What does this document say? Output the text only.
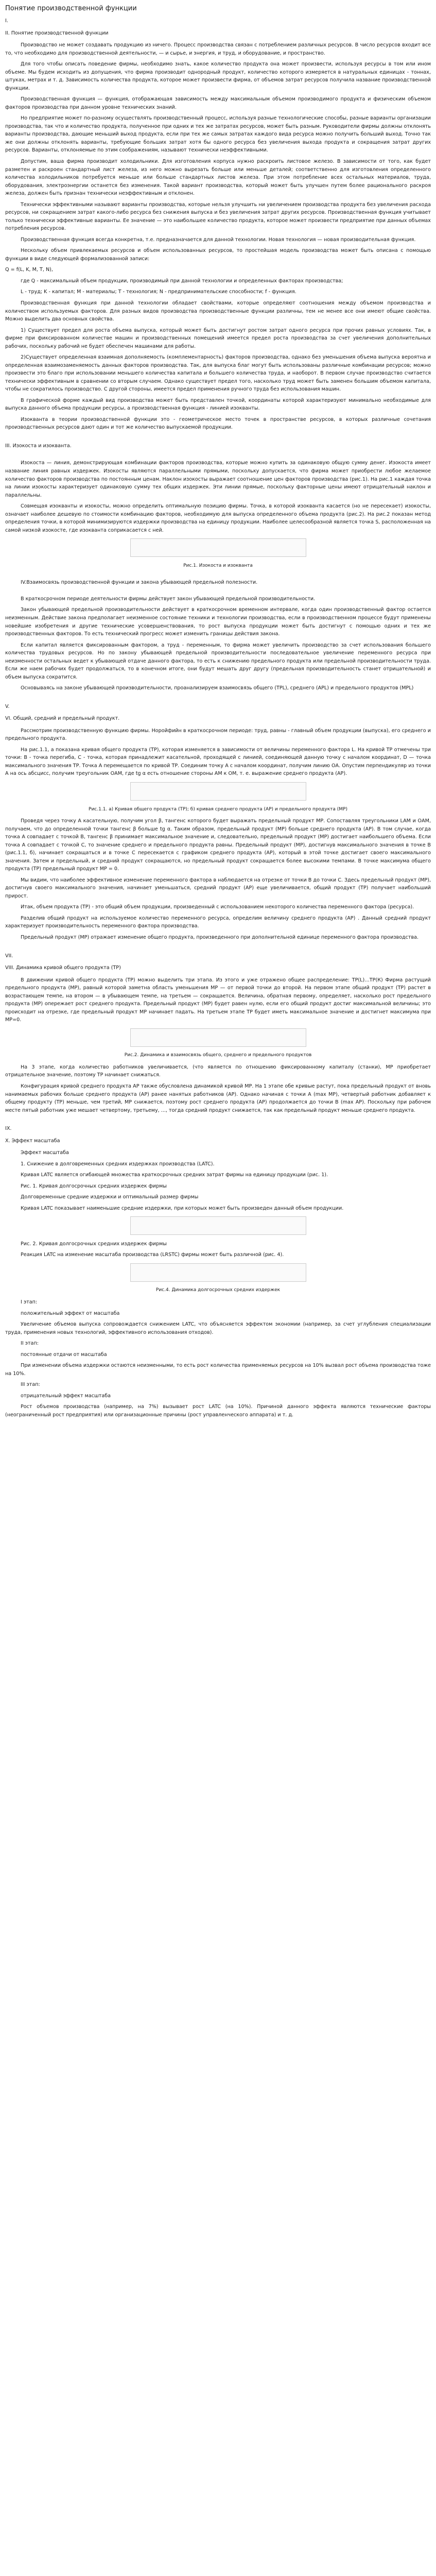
Понятие производственной функции
I.
II. Понятие производственной функции

Производство не может создавать продукцию из ничего. Процесс производства связан с потреблением различных ресурсов. В число ресурсов входит все то, что необходимо для производственной деятельности, — и сырье, и энергия, и труд, и оборудование, и пространство.

Для того чтобы описать поведение фирмы, необходимо знать, какое количество продукта она может произвести, используя ресурсы в том или ином объеме. Мы будем исходить из допущения, что фирма производит однородный продукт, количество которого измеряется в натуральных единицах - тоннах, штуках, метрах и т. д. Зависимость количества продукта, которое может произвести фирма, от объемов затрат ресурсов получила название производственной функции.

Производственная функция — функция, отображающая зависимость между максимальным объемом производимого продукта и физическим объемом факторов производства при данном уровне технических знаний.

Но предприятие может по-разному осуществлять производственный процесс, используя разные технологические способы, разные варианты организации производства, так что и количество продукта, полученное при одних и тех же затратах ресурсов, может быть разным. Руководители фирмы должны отклонять варианты производства, дающие меньший выход продукта, если при тех же самых затратах каждого вида ресурса можно получить больший выход. Точно так же они должны отклонять варианты, требующие больших затрат хотя бы одного ресурса без увеличения выхода продукта и сокращения затрат других ресурсов. Варианты, отклоняемые по этим соображениям, называют технически неэффективными.

Допустим, ваша фирма производит холодильники. Для изготовления корпуса нужно раскроить листовое железо. В зависимости от того, как будет разметен и раскроен стандартный лист железа, из него можно вырезать больше или меньше деталей; соответственно для изготовления определенного количества холодильников потребуется меньше или больше стандартных листов железа. При этом потребление всех остальных материалов, труда, оборудования, электроэнергии останется без изменения. Такой вариант производства, который может быть улучшен путем более рационального раскроя железа, должен быть признан технически неэффективным и отклонен.

Технически эффективными называют варианты производства, которые нельзя улучшить ни увеличением производства продукта без увеличения расхода ресурсов, ни сокращением затрат какого-либо ресурса без снижения выпуска и без увеличения затрат других ресурсов. Производственная функция учитывает только технически эффективные варианты. Ее значение — это наибольшее количество продукта, которое может произвести предприятие при данных объемах потребления ресурсов.

Производственная функция всегда конкретна, т.е. предназначается для данной технологии. Новая технология — новая производительная функция.

Нескольку объем привлекаемых ресурсов и объем использованных ресурсов, то простейшая модель производства может быть описана с помощью функции в виде следующей формализованной записи:

Q = f(L, K, M, T, N),

где Q - максимальный объем продукции, производимый при данной технологии и определенных факторах производства;

L - труд; K - капитал; M - материалы; T - технология; N - предпринимательские способности; f - функция.

Производственная функция при данной технологии обладает свойствами, которые определяют соотношения между объемом производства и количеством используемых факторов. Для разных видов производства производственные функции различны, тем не менее все они имеют общие свойства. Можно выделить два основных свойства.

1) Существует предел для роста объема выпуска, который может быть достигнут ростом затрат одного ресурса при прочих равных условиях. Так, в фирме при фиксированном количестве машин и производственных помещений имеется предел роста производства за счет увеличения дополнительных рабочих, поскольку рабочий не будет обеспечен машинами для работы.

2)Существует определенная взаимная дополняемость (комплементарность) факторов производства, однако без уменьшения объема выпуска вероятна и определенная взаимозаменяемость данных факторов производства. Так, для выпуска благ могут быть использованы различные комбинации ресурсов; можно произвести это благо при использовании меньшего количества капитала и большего количества труда, и наоборот. В первом случае производство считается технически эффективным в сравнении со вторым случаем. Однако существует предел того, насколько труд может быть заменен большим объемом капитала, чтобы не сократилось производство. С другой стороны, имеется предел применения ручного труда без использования машин.

В графической форме каждый вид производства может быть представлен точкой, координаты которой характеризуют минимально необходимые для выпуска данного объема продукции ресурсы, а производственная функция - линией изокванты.

Изокванта в теории производственной функции это - геометрическое место точек в пространстве ресурсов, в которых различные сочетания производственных ресурсов дают один и тот же количество выпускаемой продукции.

III. Изокоста и изокванта.

Изокоста — линия, демонстрирующая комбинации факторов производства, которые можно купить за одинаковую общую сумму денег. Изокоста имеет название линия равных издержек. Изокосты являются параллельными прямыми, поскольку допускается, что фирма может приобрести любое желаемое количество факторов производства по постоянным ценам. Наклон изокосты выражает соотношение цен факторов производства (рис.1). На рис.1 каждая точка на линии изокосты характеризует одинаковую сумму тех общих издержек. Эти линии прямые, поскольку факторные цены имеют отрицательный наклон и параллельны.

Совмещая изокванты и изокосты, можно определить оптимальную позицию фирмы. Точка, в которой изокванта касается (но не пересекает) изокосты, означает наиболее дешевую по стоимости комбинацию факторов, необходимую для выпуска определенного объема продукта (рис.2). На рис.2 показан метод определения точки, в которой минимизируются издержки производства на единицу продукции. Наиболее целесообразной является точка S, расположенная на самой низкой изокосте, где изокванта соприкасается с ней.

Рис.1. Изокоста и изокванта

IV.Взаимосвязь производственной функции и закона убывающей предельной полезности.

В краткосрочном периоде деятельности фирмы действует закон убывающей предельной производительности.

Закон убывающей предельной производительности действует в краткосрочном временном интервале, когда один производственный фактор остается неизменным. Действие закона предполагает неизменное состояние техники и технологии производства, если в производственном процессе будут применены новейшие изобретения и другие технические усовершенствования, то рост выпуска продукции может быть достигнут с помощью одних и тех же производственных факторов. То есть технический прогресс может изменить границы действия закона.

Если капитал является фиксированным фактором, а труд - переменным, то фирма может увеличить производство за счет использования большего количества трудовых ресурсов. Но по закону убывающей предельной производительности последовательное увеличение переменного ресурса при неизменности остальных ведет к убывающей отдаче данного фактора, то есть к снижению предельного продукта или предельной производительности труда. Если же наем рабочих будет продолжаться, то в конечном итоге, они будут мешать друг другу (предельная производительность станет отрицательной) и объем выпуска сократится.

Основываясь на законе убывающей производительности, проанализируем взаимосвязь общего (ТРL), среднего (АРL) и предельного продуктов (MPL)

V.
VI. Общий, средний и предельный продукт.

Рассмотрим производственную функцию фирмы. Норойфийн в краткосрочном периоде: труд, равны - главный объем продукции (выпуска), его среднего и предельного продукта.

На рис.1.1, а показана кривая общего продукта (ТР), которая изменяется в зависимости от величины переменного фактора L. На кривой ТР отмечены три точки: В - точка перегиба, С - точка, которая принадлежит касательной, проходящей с линией, соединяющей данную точку с началом координат, D — точка максимального значения ТР. Точка А перемещается по кривой ТР. Соединим точку А с началом координат, получим линию ОА. Опустим перпендикуляр из точки А на ось абсцисс, получим треугольник ОАМ, где tg α есть отношение стороны АМ к ОМ, т. е. выражение среднего продукта (АР).

Рис.1.1. а) Кривая общего продукта (ТР); б) кривая среднего продукта (АР) и предельного продукта (MP)

Проведя через точку А касательную, получим угол β, тангенс которого будет выражать предельный продукт МР. Сопоставляя треугольники LAM и ОАМ, получаем, что до определенной точки тангенс β больше tg α. Таким образом, предельный продукт (МР) больше среднего продукта (АР). В том случае, когда точка А совпадает с точкой В, тангенс β принимает максимальное значение и, следовательно, предельный продукт (МР) достигает наибольшего объема. Если точка А совпадает с точкой С, то значение среднего и предельного продукта равны. Предельный продукт (МР), достигнув максимального значения в точке В (рис.1.1, б), начинает сокращаться и в точке С пересекается с графиком среднего продукта (АР), который в этой точке достигает своего максимального значения. Затем и предельный, и средний продукт сокращаются, но предельный продукт сокращается более высокими темпами. В точке максимума общего продукта (ТР) предельный продукт МР = 0.

Мы видим, что наиболее эффективное изменение переменного фактора в наблюдается на отрезке от точки В до точки С. Здесь предельный продукт (МР), достигнув своего максимального значения, начинает уменьшаться, средний продукт (АР) еще увеличивается, общий продукт (ТР) получает наибольший прирост.

Итак, объем продукта (TP) - это общий объем продукции, произведенный с использованием некоторого количества переменного фактора (ресурса).

Разделив общий продукт на используемое количество переменного ресурса, определим величину среднего продукта (AP) . Данный средний продукт характеризует производительность переменного фактора производства.

Предельный продукт (MP) отражает изменение общего продукта, произведенного при дополнительной единице переменного фактора производства.

VII.
VIII. Динамика кривой общего продукта (TP)

В движении кривой общего продукта (TP) можно выделить три этапа. Из этого и уже отражено общее распределение: ТР(L)…ТР(К) Фирма растущий предельного продукта (МР), равный которой заметна область уменьшения МР — от первой точки до второй. На первом этапе общий продукт (TP) растет в возрастающем темпе, на втором — в убывающем темпе, на третьем — сокращается. Величина, обратная первому, определяет, насколько рост предельного продукта (МР) опережает рост среднего продукта. Предельный продукт (МР) будет равен нулю, если его общий продукт достиг максимальной величины; это происходит на отрезке, где предельный продукт МР начинает падать. На третьем этапе ТР будет иметь максимальное значение и достигнет максимума при МР=0.

Рис.2. Динамика и взаимосвязь общего, среднего и предельного продуктов

На 3 этапе, когда количество работников увеличивается, (что является по отношению фиксированному капиталу (станки), МР приобретает отрицательное значение, поэтому ТР начинает снижаться.

Конфигурация кривой среднего продукта AP также обусловлена динамикой кривой МР. На 1 этапе обе кривые растут, пока предельный продукт от вновь нанимаемых рабочих больше среднего продукта (AP) ранее нанятых работников (AP). Однако начиная с точки А (max MP), четвертый работник добавляет к общему продукту (ТР) меньше, чем третий, МР снижается, поэтому рост среднего продукта (AP) продолжается до точки B (max AP). Поскольку при рабочем месте пятый работник уже мешает четвертому, третьему, ..., тогда средний продукт снижается, так как предельный продукт меньше среднего продукта.

IX.
X. Эффект масштаба

Эффект масштаба

1. Снижение в долговременных средних издержках производства (LATC).

Кривая LATC является огибающей множества краткосрочных средних затрат фирмы на единицу продукции (рис. 1).

Рис. 1. Кривая долгосрочных средних издержек фирмы

Долговременные средние издержки и оптимальный размер фирмы

Кривая LATC показывает наименьшие средние издержки, при которых может быть произведен данный объем продукции.

Рис. 2. Кривая долгосрочных средних издержек фирмы

Реакция LATC на изменение масштаба производства (LRSTC) фирмы может быть различной (рис. 4).

Рис.4. Динамика долгосрочных средних издержек

I этап:

положительный эффект от масштаба

Увеличение объемов выпуска сопровождается снижением LATC, что объясняется эффектом экономии (например, за счет углубления специализации труда, применения новых технологий, эффективного использования отходов).

II этап:

постоянные отдачи от масштаба

При изменении объема издержки остаются неизменными, то есть рост количества применяемых ресурсов на 10% вызвал рост объема производства тоже на 10%.

III этап:

отрицательный эффект масштаба

Рост объемов производства (например, на 7%) вызывает рост LATC (на 10%). Причиной данного эффекта являются технические факторы (неограниченный рост предприятия) или организационные причины (рост управленческого аппарата) и т. д.
